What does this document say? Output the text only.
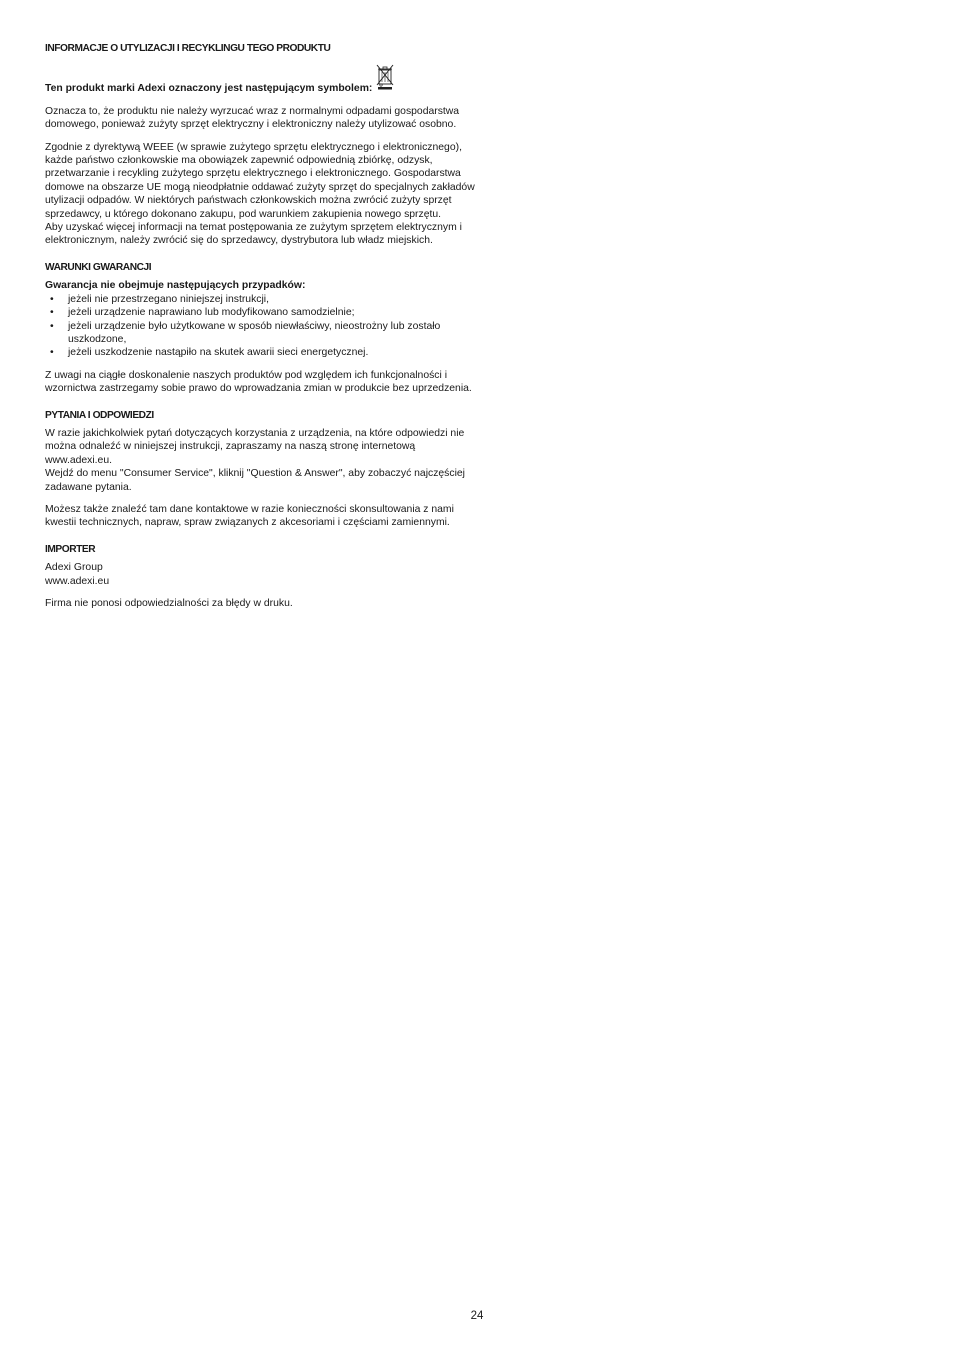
INFORMACJE O UTYLIZACJI I RECYKLINGU TEGO PRODUKTU

Ten produkt marki Adexi oznaczony jest następującym symbolem:

Oznacza to, że produktu nie należy wyrzucać wraz z normalnymi odpadami gospodarstwa domowego, ponieważ zużyty sprzęt elektryczny i elektroniczny należy utylizować osobno.

Zgodnie z dyrektywą WEEE (w sprawie zużytego sprzętu elektrycznego i elektronicznego), każde państwo członkowskie ma obowiązek zapewnić odpowiednią zbiórkę, odzysk, przetwarzanie i recykling zużytego sprzętu elektrycznego i elektronicznego. Gospodarstwa domowe na obszarze UE mogą nieodpłatnie oddawać zużyty sprzęt do specjalnych zakładów utylizacji odpadów. W niektórych państwach członkowskich można zwrócić zużyty sprzęt sprzedawcy, u którego dokonano zakupu, pod warunkiem zakupienia nowego sprzętu.

Aby uzyskać więcej informacji na temat postępowania ze zużytym sprzętem elektrycznym i elektronicznym, należy zwrócić się do sprzedawcy, dystrybutora lub władz miejskich.

WARUNKI GWARANCJI

Gwarancja nie obejmuje następujących przypadków:

• jeżeli nie przestrzegano niniejszej instrukcji,
• jeżeli urządzenie naprawiano lub modyfikowano samodzielnie;
• jeżeli urządzenie było użytkowane w sposób niewłaściwy, nieostrożny lub zostało uszkodzone,
• jeżeli uszkodzenie nastąpiło na skutek awarii sieci energetycznej.

Z uwagi na ciągłe doskonalenie naszych produktów pod względem ich funkcjonalności i wzornictwa zastrzegamy sobie prawo do wprowadzania zmian w produkcie bez uprzedzenia.

PYTANIA I ODPOWIEDZI

W razie jakichkolwiek pytań dotyczących korzystania z urządzenia, na które odpowiedzi nie można odnaleźć w niniejszej instrukcji, zapraszamy na naszą stronę internetową www.adexi.eu.

Wejdź do menu "Consumer Service", kliknij "Question & Answer", aby zobaczyć najczęściej zadawane pytania.

Możesz także znaleźć tam dane kontaktowe w razie konieczności skonsultowania z nami kwestii technicznych, napraw, spraw związanych z akcesoriami i częściami zamiennymi.

IMPORTER

Adexi Group

www.adexi.eu

Firma nie ponosi odpowiedzialności za błędy w druku.

24
